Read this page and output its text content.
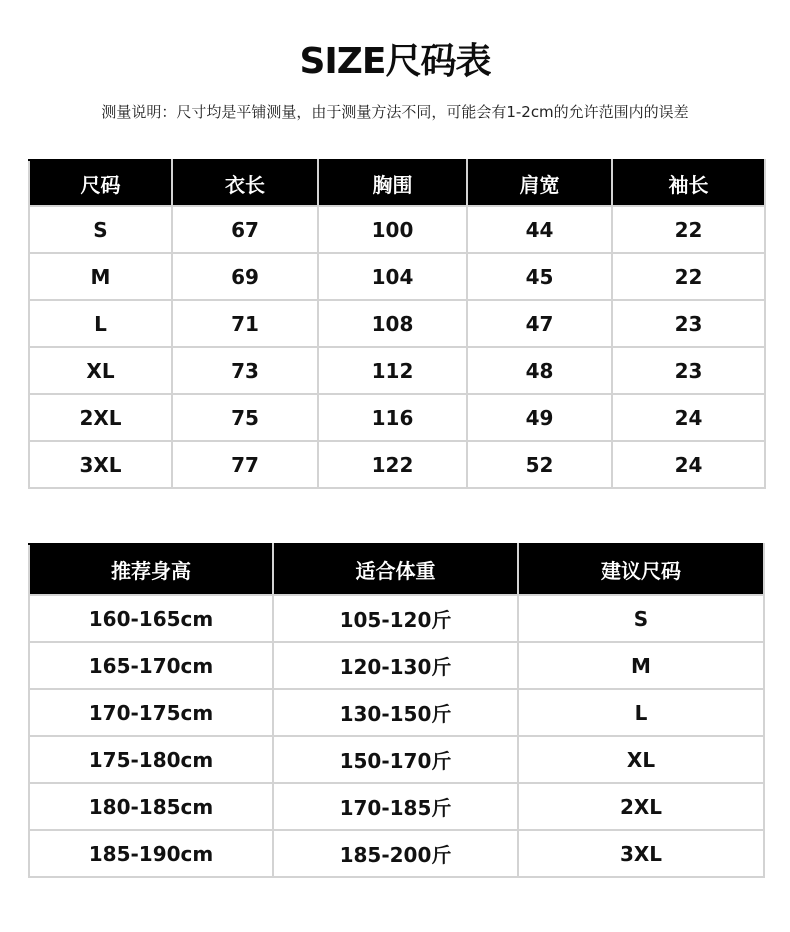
SIZE尺码表
测量说明：尺寸均是平铺测量，由于测量方法不同，可能会有1-2cm的允许范围内的误差
尺码	衣长	胸围	肩宽	袖长
S	67	100	44	22
M	69	104	45	22
L	71	108	47	23
XL	73	112	48	23
2XL	75	116	49	24
3XL	77	122	52	24
推荐身高	适合体重	建议尺码
160-165cm	105-120斤	S
165-170cm	120-130斤	M
170-175cm	130-150斤	L
175-180cm	150-170斤	XL
180-185cm	170-185斤	2XL
185-190cm	185-200斤	3XL
